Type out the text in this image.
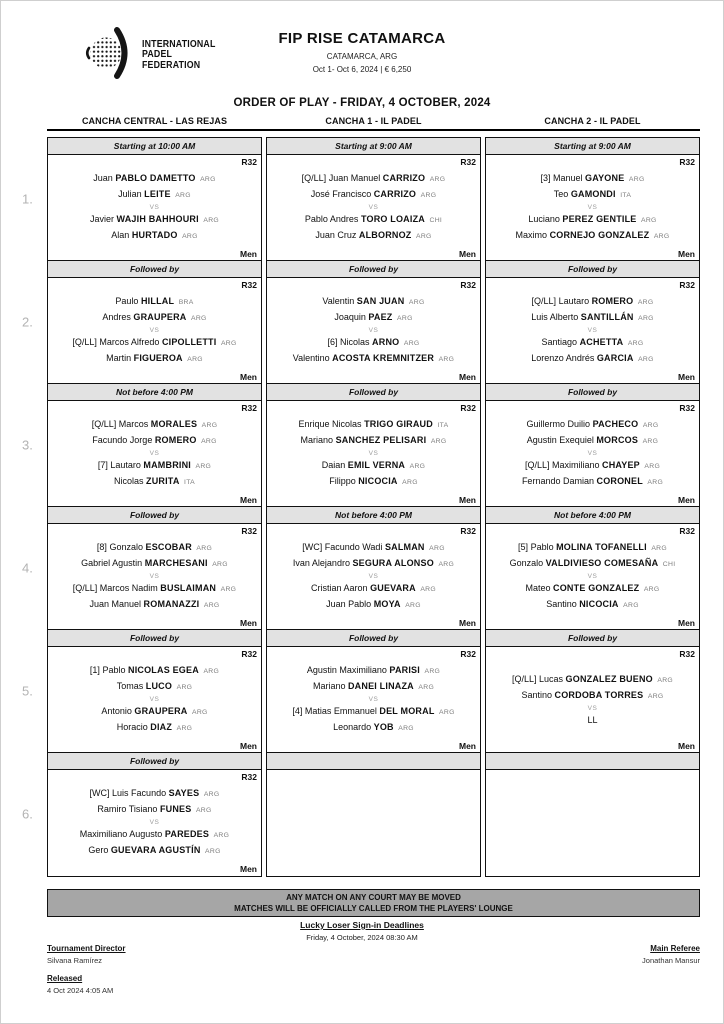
INTERNATIONAL
PADEL
FEDERATION
FIP RISE CATAMARCA
CATAMARCA, ARG
Oct 1- Oct 6, 2024 | € 6,250
ORDER OF PLAY - FRIDAY, 4 OCTOBER, 2024
CANCHA CENTRAL - LAS REJAS	CANCHA 1 - IL PADEL	CANCHA 2 - IL PADEL
1.
Starting at 10:00 AM
R32
Juan PABLO DAMETTO ARG
Julian LEITE ARG
VS
Javier WAJIH BAHHOURI ARG
Alan HURTADO ARG
Men
Starting at 9:00 AM
R32
[Q/LL] Juan Manuel CARRIZO ARG
José Francisco CARRIZO ARG
VS
Pablo Andres TORO LOAIZA CHI
Juan Cruz ALBORNOZ ARG
Men
Starting at 9:00 AM
R32
[3] Manuel GAYONE ARG
Teo GAMONDI ITA
VS
Luciano PEREZ GENTILE ARG
Maximo CORNEJO GONZALEZ ARG
Men
2.
Followed by
R32
Paulo HILLAL BRA
Andres GRAUPERA ARG
VS
[Q/LL] Marcos Alfredo CIPOLLETTI ARG
Martin FIGUEROA ARG
Men
Followed by
R32
Valentin SAN JUAN ARG
Joaquin PAEZ ARG
VS
[6] Nicolas ARNO ARG
Valentino ACOSTA KREMNITZER ARG
Men
Followed by
R32
[Q/LL] Lautaro ROMERO ARG
Luis Alberto SANTILLÁN ARG
VS
Santiago ACHETTA ARG
Lorenzo Andrés GARCIA ARG
Men
3.
Not before 4:00 PM
R32
[Q/LL] Marcos MORALES ARG
Facundo Jorge ROMERO ARG
VS
[7] Lautaro MAMBRINI ARG
Nicolas ZURITA ITA
Men
Followed by
R32
Enrique Nicolas TRIGO GIRAUD ITA
Mariano SANCHEZ PELISARI ARG
VS
Daian EMIL VERNA ARG
Filippo NICOCIA ARG
Men
Followed by
R32
Guillermo Duilio PACHECO ARG
Agustin Exequiel MORCOS ARG
VS
[Q/LL] Maximiliano CHAYEP ARG
Fernando Damian CORONEL ARG
Men
4.
Followed by
R32
[8] Gonzalo ESCOBAR ARG
Gabriel Agustin MARCHESANI ARG
VS
[Q/LL] Marcos Nadim BUSLAIMAN ARG
Juan Manuel ROMANAZZI ARG
Men
Not before 4:00 PM
R32
[WC] Facundo Wadi SALMAN ARG
Ivan Alejandro SEGURA ALONSO ARG
VS
Cristian Aaron GUEVARA ARG
Juan Pablo MOYA ARG
Men
Not before 4:00 PM
R32
[5] Pablo MOLINA TOFANELLI ARG
Gonzalo VALDIVIESO COMESAÑA CHI
VS
Mateo CONTE GONZALEZ ARG
Santino NICOCIA ARG
Men
5.
Followed by
R32
[1] Pablo NICOLAS EGEA ARG
Tomas LUCO ARG
VS
Antonio GRAUPERA ARG
Horacio DIAZ ARG
Men
Followed by
R32
Agustin Maximiliano PARISI ARG
Mariano DANEI LINAZA ARG
VS
[4] Matias Emmanuel DEL MORAL ARG
Leonardo YOB ARG
Men
Followed by
R32
[Q/LL] Lucas GONZALEZ BUENO ARG
Santino CORDOBA TORRES ARG
VS
LL
Men
6.
Followed by
R32
[WC] Luis Facundo SAYES ARG
Ramiro Tisiano FUNES ARG
VS
Maximiliano Augusto PAREDES ARG
Gero GUEVARA AGUSTÍN ARG
Men
ANY MATCH ON ANY COURT MAY BE MOVED
MATCHES WILL BE OFFICIALLY CALLED FROM THE PLAYERS' LOUNGE
Lucky Loser Sign-in Deadlines
Friday, 4 October, 2024 08:30 AM
Tournament Director
Silvana Ramírez
Released
4 Oct 2024 4:05 AM
Main Referee
Jonathan Mansur
